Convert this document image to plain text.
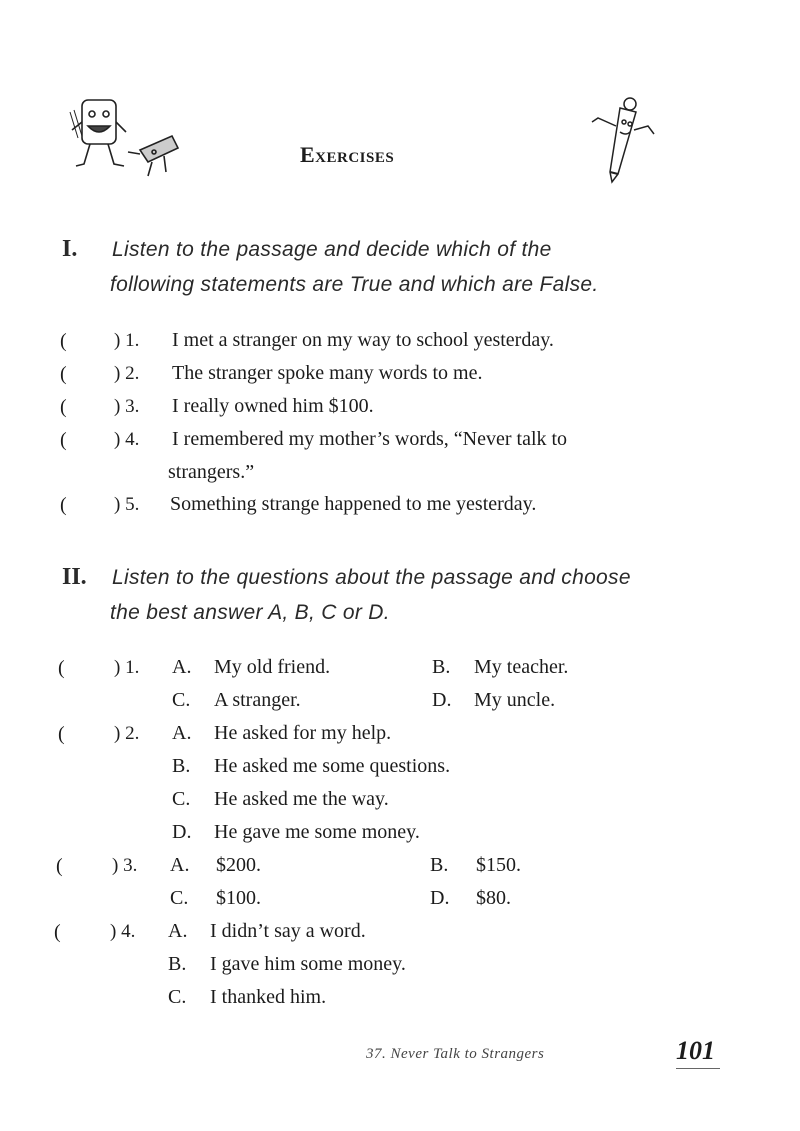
Exercises
I. Listen to the passage and decide which of the
following statements are True and which are False.
( ) 1. I met a stranger on my way to school yesterday.
( ) 2. The stranger spoke many words to me.
( ) 3. I really owned him $100.
( ) 4. I remembered my mother’s words, “Never talk to
strangers.”
( ) 5. Something strange happened to me yesterday.
II. Listen to the questions about the passage and choose
the best answer A, B, C or D.
(	) 1. A. My old friend.	B. My teacher.
C. A stranger.	D. My uncle.
(	) 2. A. He asked for my help.
B. He asked me some questions.
C. He asked me the way.
D. He gave me some money.
(	) 3. A. $200.	B. $150.
C. $100.	D. $80.
(	) 4. A. I didn’t say a word.
B. I gave him some money.
C. I thanked him.
37. Never Talk to Strangers	101
